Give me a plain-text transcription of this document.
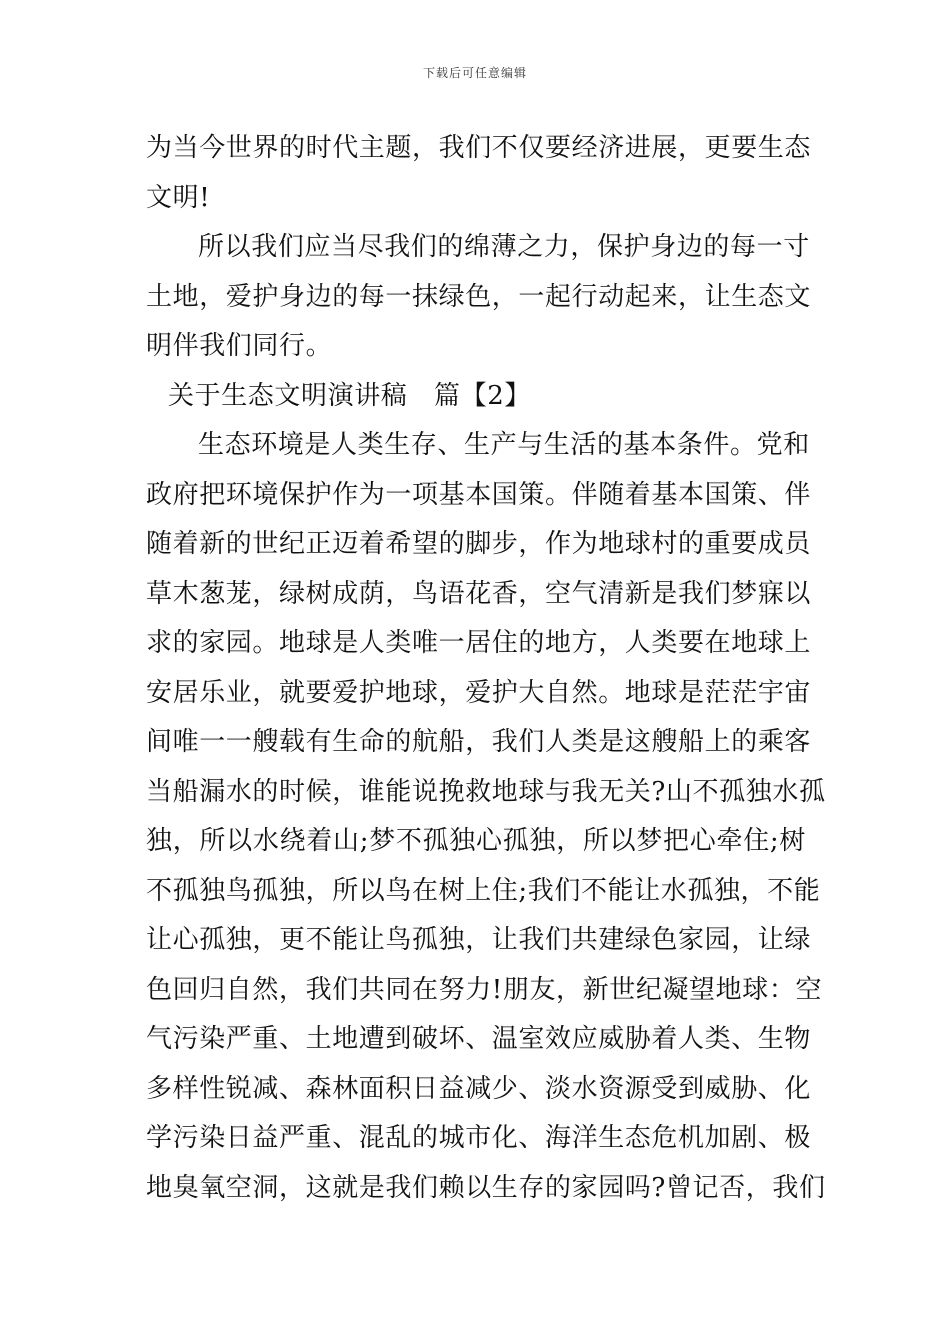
下载后可任意编辑
为当今世界的时代主题，我们不仅要经济进展，更要生态
文明!
所以我们应当尽我们的绵薄之力，保护身边的每一寸
土地，爱护身边的每一抹绿色，一起行动起来，让生态文
明伴我们同行。
关于生态文明演讲稿　篇【2】
生态环境是人类生存、生产与生活的基本条件。党和
政府把环境保护作为一项基本国策。伴随着基本国策、伴
随着新的世纪正迈着希望的脚步，作为地球村的重要成员
草木葱茏，绿树成荫，鸟语花香，空气清新是我们梦寐以
求的家园。地球是人类唯一居住的地方，人类要在地球上
安居乐业，就要爱护地球，爱护大自然。地球是茫茫宇宙
间唯一一艘载有生命的航船，我们人类是这艘船上的乘客
当船漏水的时候，谁能说挽救地球与我无关?山不孤独水孤
独，所以水绕着山;梦不孤独心孤独，所以梦把心牵住;树
不孤独鸟孤独，所以鸟在树上住;我们不能让水孤独，不能
让心孤独，更不能让鸟孤独，让我们共建绿色家园，让绿
色回归自然，我们共同在努力!朋友，新世纪凝望地球：空
气污染严重、土地遭到破坏、温室效应威胁着人类、生物
多样性锐减、森林面积日益减少、淡水资源受到威胁、化
学污染日益严重、混乱的城市化、海洋生态危机加剧、极
地臭氧空洞，这就是我们赖以生存的家园吗?曾记否，我们
